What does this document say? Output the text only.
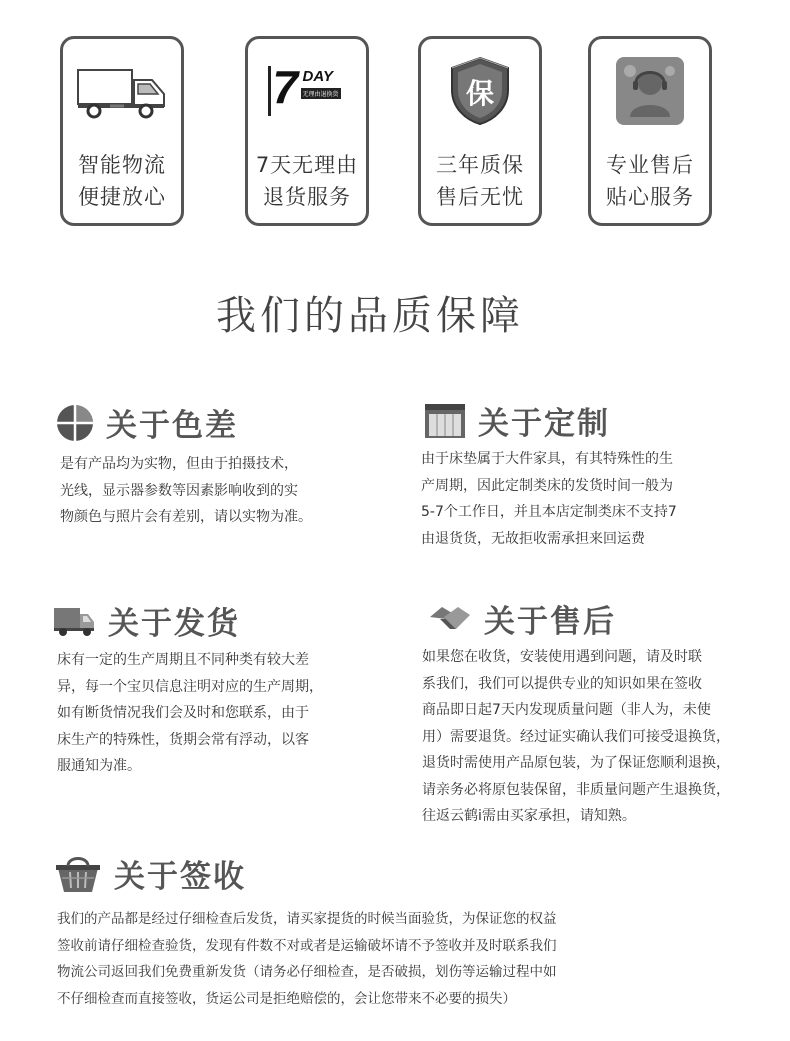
智能物流
便捷放心
7 DAY
无理由退换货
7天无理由
退货服务
保
三年质保
售后无忧
专业售后
贴心服务
我们的品质保障
关于色差
是有产品均为实物，但由于拍摄技术，
光线，显示器参数等因素影响收到的实
物颜色与照片会有差别，请以实物为准。
关于定制
由于床垫属于大件家具，有其特殊性的生
产周期，因此定制类床的发货时间一般为
5-7个工作日，并且本店定制类床不支持7
由退货货，无故拒收需承担来回运费
关于发货
床有一定的生产周期且不同种类有较大差
异，每一个宝贝信息注明对应的生产周期，
如有断货情况我们会及时和您联系，由于
床生产的特殊性，货期会常有浮动，以客
服通知为准。
关于售后
如果您在收货，安装使用遇到问题，请及时联
系我们，我们可以提供专业的知识如果在签收
商品即日起7天内发现质量问题（非人为，未使
用）需要退货。经过证实确认我们可接受退换货，
退货时需使用产品原包装，为了保证您顺利退换，
请亲务必将原包装保留，非质量问题产生退换货，
往返云鹤i需由买家承担，请知熟。
关于签收
我们的产品都是经过仔细检查后发货，请买家提货的时候当面验货，为保证您的权益
签收前请仔细检查验货，发现有件数不对或者是运输破坏请不予签收并及时联系我们
物流公司返回我们免费重新发货（请务必仔细检查，是否破损，划伤等运输过程中如
不仔细检查而直接签收，货运公司是拒绝赔偿的，会让您带来不必要的损失）
